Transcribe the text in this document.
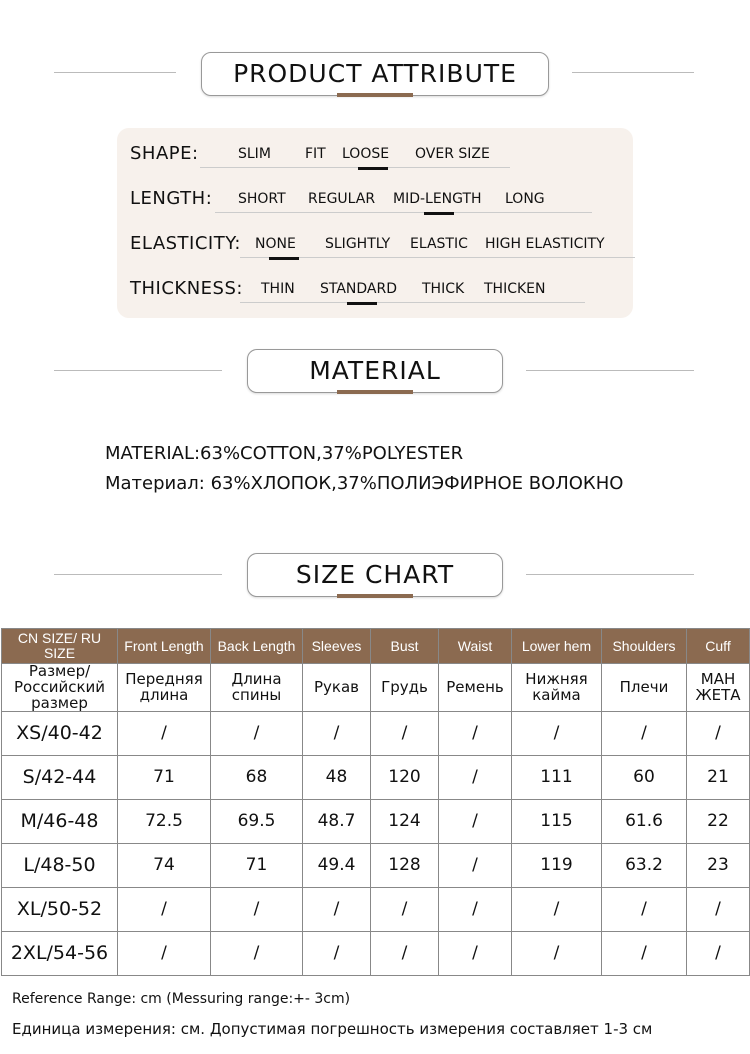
PRODUCT ATTRIBUTE
SHAPE:	SLIM FIT LOOSE OVER SIZE
LENGTH: SHORT REGULAR MID-LENGTH LONG
ELASTICITY: NONE SLIGHTLY ELASTIC HIGH ELASTICITY
THICKNESS: THIN STANDARD THICK THICKEN
MATERIAL
MATERIAL:63%COTTON,37%POLYESTER
Материал: 63%ХЛОПОК,37%ПОЛИЭФИРНОЕ ВОЛОКНО
SIZE CHART
CN SIZE/ RU SIZE	Front Length	Back Length	Sleeves	Bust	Waist	Lower hem	Shoulders	Cuff
Размер/ Российский размер	Передняя длина	Длина спины	Рукав	Грудь	Ремень	Нижняя кайма	Плечи	МАН ЖЕТА
XS/40-42	/	/	/	/	/	/	/	/
S/42-44	71	68	48	120	/	111	60	21
M/46-48	72.5	69.5	48.7	124	/	115	61.6	22
L/48-50	74	71	49.4	128	/	119	63.2	23
XL/50-52	/	/	/	/	/	/	/	/
2XL/54-56	/	/	/	/	/	/	/	/
Reference Range: cm (Messuring range:+- 3cm)
Единица измерения: см. Допустимая погрешность измерения составляет 1-3 см
